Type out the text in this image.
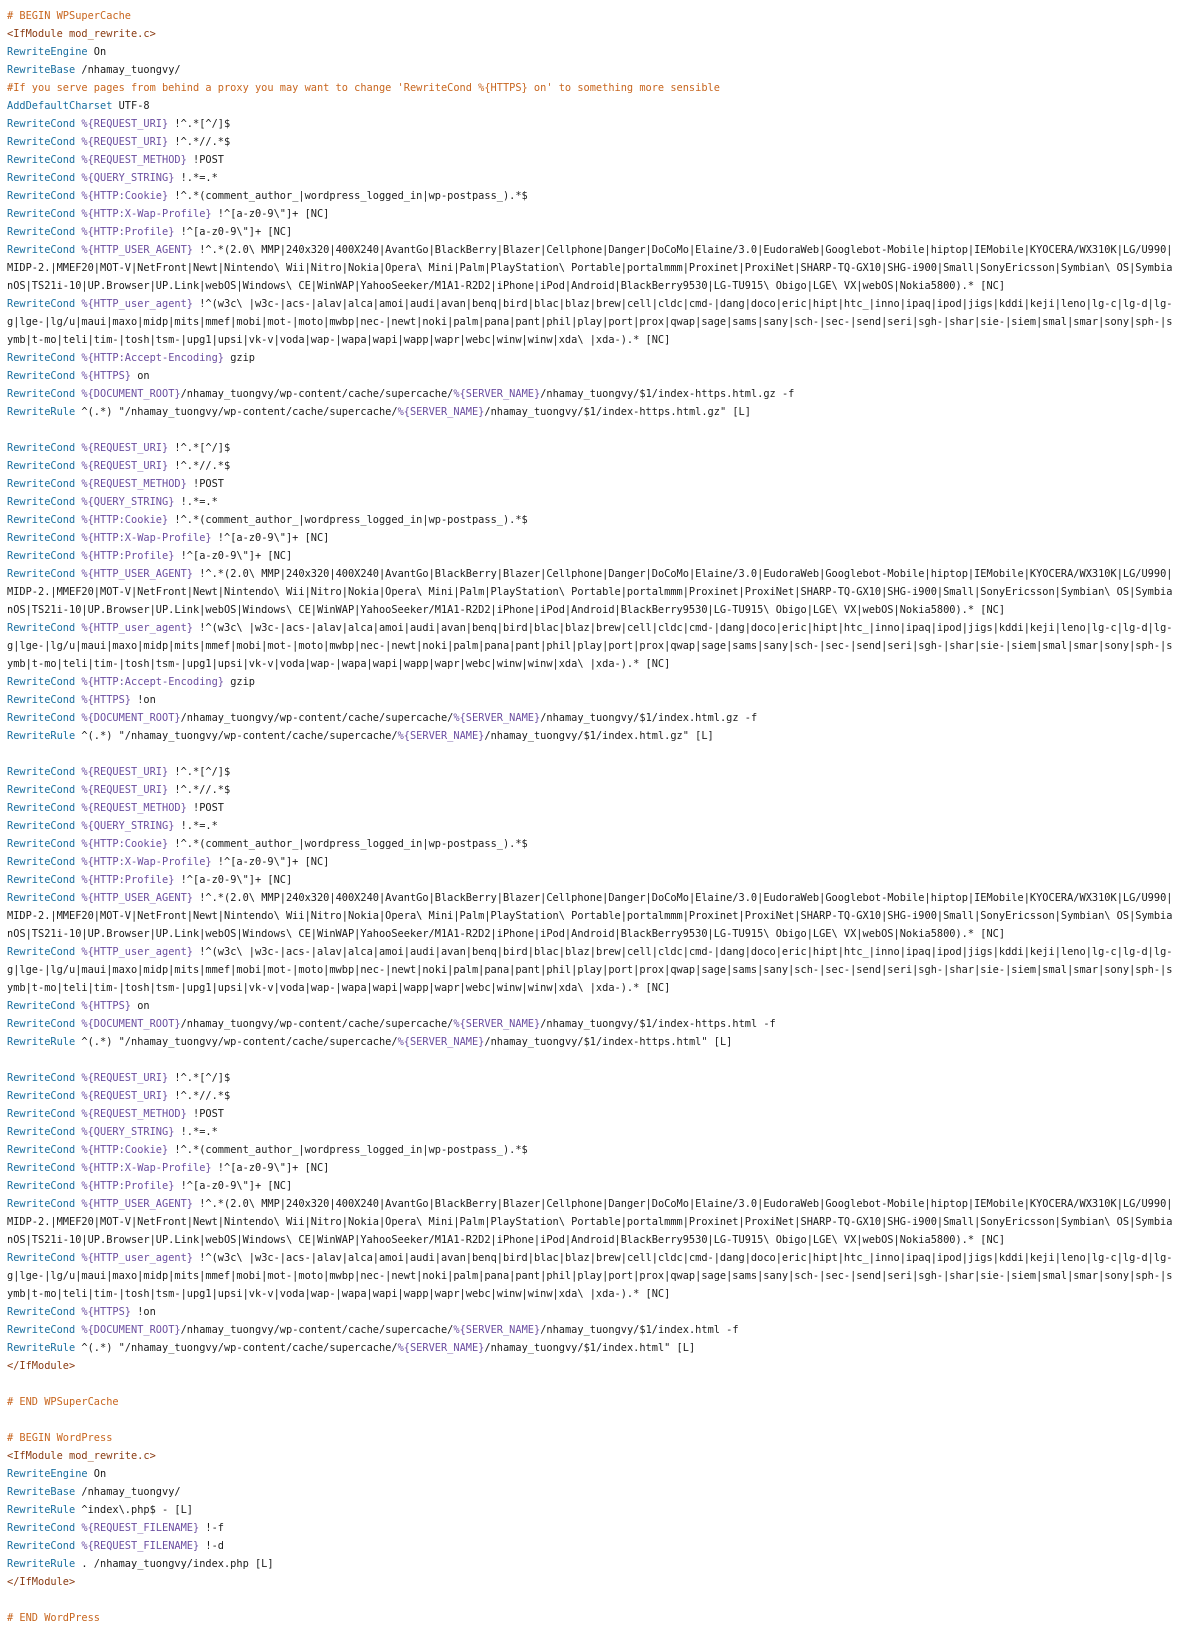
# BEGIN WPSuperCache
<IfModule mod_rewrite.c>
RewriteEngine On
RewriteBase /nhamay_tuongvy/
#If you serve pages from behind a proxy you may want to change 'RewriteCond %{HTTPS} on' to something more sensible
AddDefaultCharset UTF-8
RewriteCond %{REQUEST_URI} !^.*[^/]$
RewriteCond %{REQUEST_URI} !^.*//.*$
RewriteCond %{REQUEST_METHOD} !POST
RewriteCond %{QUERY_STRING} !.*=.*
RewriteCond %{HTTP:Cookie} !^.*(comment_author_|wordpress_logged_in|wp-postpass_).*$
RewriteCond %{HTTP:X-Wap-Profile} !^[a-z0-9\"]+ [NC]
RewriteCond %{HTTP:Profile} !^[a-z0-9\"]+ [NC]
RewriteCond %{HTTP_USER_AGENT} !^.*(2.0\ MMP|240x320|400X240|AvantGo|BlackBerry|Blazer|Cellphone|Danger|DoCoMo|Elaine/3.0|EudoraWeb|Googlebot-Mobile|hiptop|IEMobile|KYOCERA/WX310K|LG/U990|MIDP-2.|MMEF20|MOT-V|NetFront|Newt|Nintendo\ Wii|Nitro|Nokia|Opera\ Mini|Palm|PlayStation\ Portable|portalmmm|Proxinet|ProxiNet|SHARP-TQ-GX10|SHG-i900|Small|SonyEricsson|Symbian\ OS|SymbianOS|TS21i-10|UP.Browser|UP.Link|webOS|Windows\ CE|WinWAP|YahooSeeker/M1A1-R2D2|iPhone|iPod|Android|BlackBerry9530|LG-TU915\ Obigo|LGE\ VX|webOS|Nokia5800).* [NC]
RewriteCond %{HTTP_user_agent} !^(w3c\ |w3c-|acs-|alav|alca|amoi|audi|avan|benq|bird|blac|blaz|brew|cell|cldc|cmd-|dang|doco|eric|hipt|htc_|inno|ipaq|ipod|jigs|kddi|keji|leno|lg-c|lg-d|lg-g|lge-|lg/u|maui|maxo|midp|mits|mmef|mobi|mot-|moto|mwbp|nec-|newt|noki|palm|pana|pant|phil|play|port|prox|qwap|sage|sams|sany|sch-|sec-|send|seri|sgh-|shar|sie-|siem|smal|smar|sony|sph-|symb|t-mo|teli|tim-|tosh|tsm-|upg1|upsi|vk-v|voda|wap-|wapa|wapi|wapp|wapr|webc|winw|winw|xda\ |xda-).* [NC]
RewriteCond %{HTTP:Accept-Encoding} gzip
RewriteCond %{HTTPS} on
RewriteCond %{DOCUMENT_ROOT}/nhamay_tuongvy/wp-content/cache/supercache/%{SERVER_NAME}/nhamay_tuongvy/$1/index-https.html.gz -f
RewriteRule ^(.*) "/nhamay_tuongvy/wp-content/cache/supercache/%{SERVER_NAME}/nhamay_tuongvy/$1/index-https.html.gz" [L]
RewriteCond %{REQUEST_URI} !^.*[^/]$
RewriteCond %{REQUEST_URI} !^.*//.*$
RewriteCond %{REQUEST_METHOD} !POST
RewriteCond %{QUERY_STRING} !.*=.*
RewriteCond %{HTTP:Cookie} !^.*(comment_author_|wordpress_logged_in|wp-postpass_).*$
RewriteCond %{HTTP:X-Wap-Profile} !^[a-z0-9\"]+ [NC]
RewriteCond %{HTTP:Profile} !^[a-z0-9\"]+ [NC]
RewriteCond %{HTTP_USER_AGENT} !^.*(2.0\ MMP|240x320|400X240|AvantGo|BlackBerry|Blazer|Cellphone|Danger|DoCoMo|Elaine/3.0|EudoraWeb|Googlebot-Mobile|hiptop|IEMobile|KYOCERA/WX310K|LG/U990|MIDP-2.|MMEF20|MOT-V|NetFront|Newt|Nintendo\ Wii|Nitro|Nokia|Opera\ Mini|Palm|PlayStation\ Portable|portalmmm|Proxinet|ProxiNet|SHARP-TQ-GX10|SHG-i900|Small|SonyEricsson|Symbian\ OS|SymbianOS|TS21i-10|UP.Browser|UP.Link|webOS|Windows\ CE|WinWAP|YahooSeeker/M1A1-R2D2|iPhone|iPod|Android|BlackBerry9530|LG-TU915\ Obigo|LGE\ VX|webOS|Nokia5800).* [NC]
RewriteCond %{HTTP_user_agent} !^(w3c\ |w3c-|acs-|alav|alca|amoi|audi|avan|benq|bird|blac|blaz|brew|cell|cldc|cmd-|dang|doco|eric|hipt|htc_|inno|ipaq|ipod|jigs|kddi|keji|leno|lg-c|lg-d|lg-g|lge-|lg/u|maui|maxo|midp|mits|mmef|mobi|mot-|moto|mwbp|nec-|newt|noki|palm|pana|pant|phil|play|port|prox|qwap|sage|sams|sany|sch-|sec-|send|seri|sgh-|shar|sie-|siem|smal|smar|sony|sph-|symb|t-mo|teli|tim-|tosh|tsm-|upg1|upsi|vk-v|voda|wap-|wapa|wapi|wapp|wapr|webc|winw|winw|xda\ |xda-).* [NC]
RewriteCond %{HTTP:Accept-Encoding} gzip
RewriteCond %{HTTPS} !on
RewriteCond %{DOCUMENT_ROOT}/nhamay_tuongvy/wp-content/cache/supercache/%{SERVER_NAME}/nhamay_tuongvy/$1/index.html.gz -f
RewriteRule ^(.*) "/nhamay_tuongvy/wp-content/cache/supercache/%{SERVER_NAME}/nhamay_tuongvy/$1/index.html.gz" [L]
RewriteCond %{REQUEST_URI} !^.*[^/]$
RewriteCond %{REQUEST_URI} !^.*//.*$
RewriteCond %{REQUEST_METHOD} !POST
RewriteCond %{QUERY_STRING} !.*=.*
RewriteCond %{HTTP:Cookie} !^.*(comment_author_|wordpress_logged_in|wp-postpass_).*$
RewriteCond %{HTTP:X-Wap-Profile} !^[a-z0-9\"]+ [NC]
RewriteCond %{HTTP:Profile} !^[a-z0-9\"]+ [NC]
RewriteCond %{HTTP_USER_AGENT} !^.*(2.0\ MMP|240x320|400X240|AvantGo|BlackBerry|Blazer|Cellphone|Danger|DoCoMo|Elaine/3.0|EudoraWeb|Googlebot-Mobile|hiptop|IEMobile|KYOCERA/WX310K|LG/U990|MIDP-2.|MMEF20|MOT-V|NetFront|Newt|Nintendo\ Wii|Nitro|Nokia|Opera\ Mini|Palm|PlayStation\ Portable|portalmmm|Proxinet|ProxiNet|SHARP-TQ-GX10|SHG-i900|Small|SonyEricsson|Symbian\ OS|SymbianOS|TS21i-10|UP.Browser|UP.Link|webOS|Windows\ CE|WinWAP|YahooSeeker/M1A1-R2D2|iPhone|iPod|Android|BlackBerry9530|LG-TU915\ Obigo|LGE\ VX|webOS|Nokia5800).* [NC]
RewriteCond %{HTTP_user_agent} !^(w3c\ |w3c-|acs-|alav|alca|amoi|audi|avan|benq|bird|blac|blaz|brew|cell|cldc|cmd-|dang|doco|eric|hipt|htc_|inno|ipaq|ipod|jigs|kddi|keji|leno|lg-c|lg-d|lg-g|lge-|lg/u|maui|maxo|midp|mits|mmef|mobi|mot-|moto|mwbp|nec-|newt|noki|palm|pana|pant|phil|play|port|prox|qwap|sage|sams|sany|sch-|sec-|send|seri|sgh-|shar|sie-|siem|smal|smar|sony|sph-|symb|t-mo|teli|tim-|tosh|tsm-|upg1|upsi|vk-v|voda|wap-|wapa|wapi|wapp|wapr|webc|winw|winw|xda\ |xda-).* [NC]
RewriteCond %{HTTPS} on
RewriteCond %{DOCUMENT_ROOT}/nhamay_tuongvy/wp-content/cache/supercache/%{SERVER_NAME}/nhamay_tuongvy/$1/index-https.html -f
RewriteRule ^(.*) "/nhamay_tuongvy/wp-content/cache/supercache/%{SERVER_NAME}/nhamay_tuongvy/$1/index-https.html" [L]
RewriteCond %{REQUEST_URI} !^.*[^/]$
RewriteCond %{REQUEST_URI} !^.*//.*$
RewriteCond %{REQUEST_METHOD} !POST
RewriteCond %{QUERY_STRING} !.*=.*
RewriteCond %{HTTP:Cookie} !^.*(comment_author_|wordpress_logged_in|wp-postpass_).*$
RewriteCond %{HTTP:X-Wap-Profile} !^[a-z0-9\"]+ [NC]
RewriteCond %{HTTP:Profile} !^[a-z0-9\"]+ [NC]
RewriteCond %{HTTP_USER_AGENT} !^.*(2.0\ MMP|240x320|400X240|AvantGo|BlackBerry|Blazer|Cellphone|Danger|DoCoMo|Elaine/3.0|EudoraWeb|Googlebot-Mobile|hiptop|IEMobile|KYOCERA/WX310K|LG/U990|MIDP-2.|MMEF20|MOT-V|NetFront|Newt|Nintendo\ Wii|Nitro|Nokia|Opera\ Mini|Palm|PlayStation\ Portable|portalmmm|Proxinet|ProxiNet|SHARP-TQ-GX10|SHG-i900|Small|SonyEricsson|Symbian\ OS|SymbianOS|TS21i-10|UP.Browser|UP.Link|webOS|Windows\ CE|WinWAP|YahooSeeker/M1A1-R2D2|iPhone|iPod|Android|BlackBerry9530|LG-TU915\ Obigo|LGE\ VX|webOS|Nokia5800).* [NC]
RewriteCond %{HTTP_user_agent} !^(w3c\ |w3c-|acs-|alav|alca|amoi|audi|avan|benq|bird|blac|blaz|brew|cell|cldc|cmd-|dang|doco|eric|hipt|htc_|inno|ipaq|ipod|jigs|kddi|keji|leno|lg-c|lg-d|lg-g|lge-|lg/u|maui|maxo|midp|mits|mmef|mobi|mot-|moto|mwbp|nec-|newt|noki|palm|pana|pant|phil|play|port|prox|qwap|sage|sams|sany|sch-|sec-|send|seri|sgh-|shar|sie-|siem|smal|smar|sony|sph-|symb|t-mo|teli|tim-|tosh|tsm-|upg1|upsi|vk-v|voda|wap-|wapa|wapi|wapp|wapr|webc|winw|winw|xda\ |xda-).* [NC]
RewriteCond %{HTTPS} !on
RewriteCond %{DOCUMENT_ROOT}/nhamay_tuongvy/wp-content/cache/supercache/%{SERVER_NAME}/nhamay_tuongvy/$1/index.html -f
RewriteRule ^(.*) "/nhamay_tuongvy/wp-content/cache/supercache/%{SERVER_NAME}/nhamay_tuongvy/$1/index.html" [L]
</IfModule>
# END WPSuperCache
# BEGIN WordPress
<IfModule mod_rewrite.c>
RewriteEngine On
RewriteBase /nhamay_tuongvy/
RewriteRule ^index\.php$ - [L]
RewriteCond %{REQUEST_FILENAME} !-f
RewriteCond %{REQUEST_FILENAME} !-d
RewriteRule . /nhamay_tuongvy/index.php [L]
</IfModule>
# END WordPress
